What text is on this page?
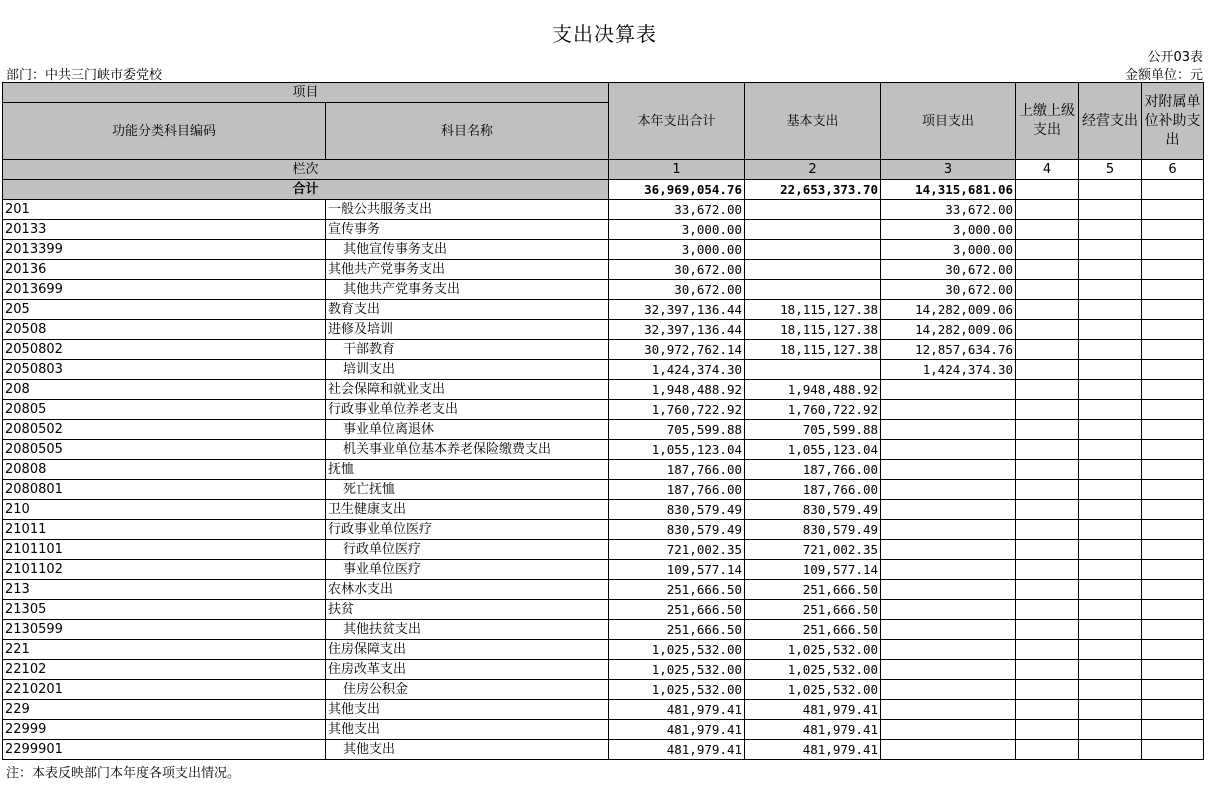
支出决算表
公开03表
部门：中共三门峡市委党校	金额单位：元
项目		本年支出合计	基本支出	项目支出	上缴上级支出	经营支出	对附属单位补助支出
功能分类科目编码	科目名称						
栏次		1	2	3	4	5	6
合计		36,969,054.76	22,653,373.70	14,315,681.06			
201	一般公共服务支出	33,672.00		33,672.00			
20133	宣传事务	3,000.00		3,000.00			
2013399	其他宣传事务支出	3,000.00		3,000.00			
20136	其他共产党事务支出	30,672.00		30,672.00			
2013699	其他共产党事务支出	30,672.00		30,672.00			
205	教育支出	32,397,136.44	18,115,127.38	14,282,009.06			
20508	进修及培训	32,397,136.44	18,115,127.38	14,282,009.06			
2050802	干部教育	30,972,762.14	18,115,127.38	12,857,634.76			
2050803	培训支出	1,424,374.30		1,424,374.30			
208	社会保障和就业支出	1,948,488.92	1,948,488.92				
20805	行政事业单位养老支出	1,760,722.92	1,760,722.92				
2080502	事业单位离退休	705,599.88	705,599.88				
2080505	机关事业单位基本养老保险缴费支出	1,055,123.04	1,055,123.04				
20808	抚恤	187,766.00	187,766.00				
2080801	死亡抚恤	187,766.00	187,766.00				
210	卫生健康支出	830,579.49	830,579.49				
21011	行政事业单位医疗	830,579.49	830,579.49				
2101101	行政单位医疗	721,002.35	721,002.35				
2101102	事业单位医疗	109,577.14	109,577.14				
213	农林水支出	251,666.50	251,666.50				
21305	扶贫	251,666.50	251,666.50				
2130599	其他扶贫支出	251,666.50	251,666.50				
221	住房保障支出	1,025,532.00	1,025,532.00				
22102	住房改革支出	1,025,532.00	1,025,532.00				
2210201	住房公积金	1,025,532.00	1,025,532.00				
229	其他支出	481,979.41	481,979.41				
22999	其他支出	481,979.41	481,979.41				
2299901	其他支出	481,979.41	481,979.41				
注：本表反映部门本年度各项支出情况。
